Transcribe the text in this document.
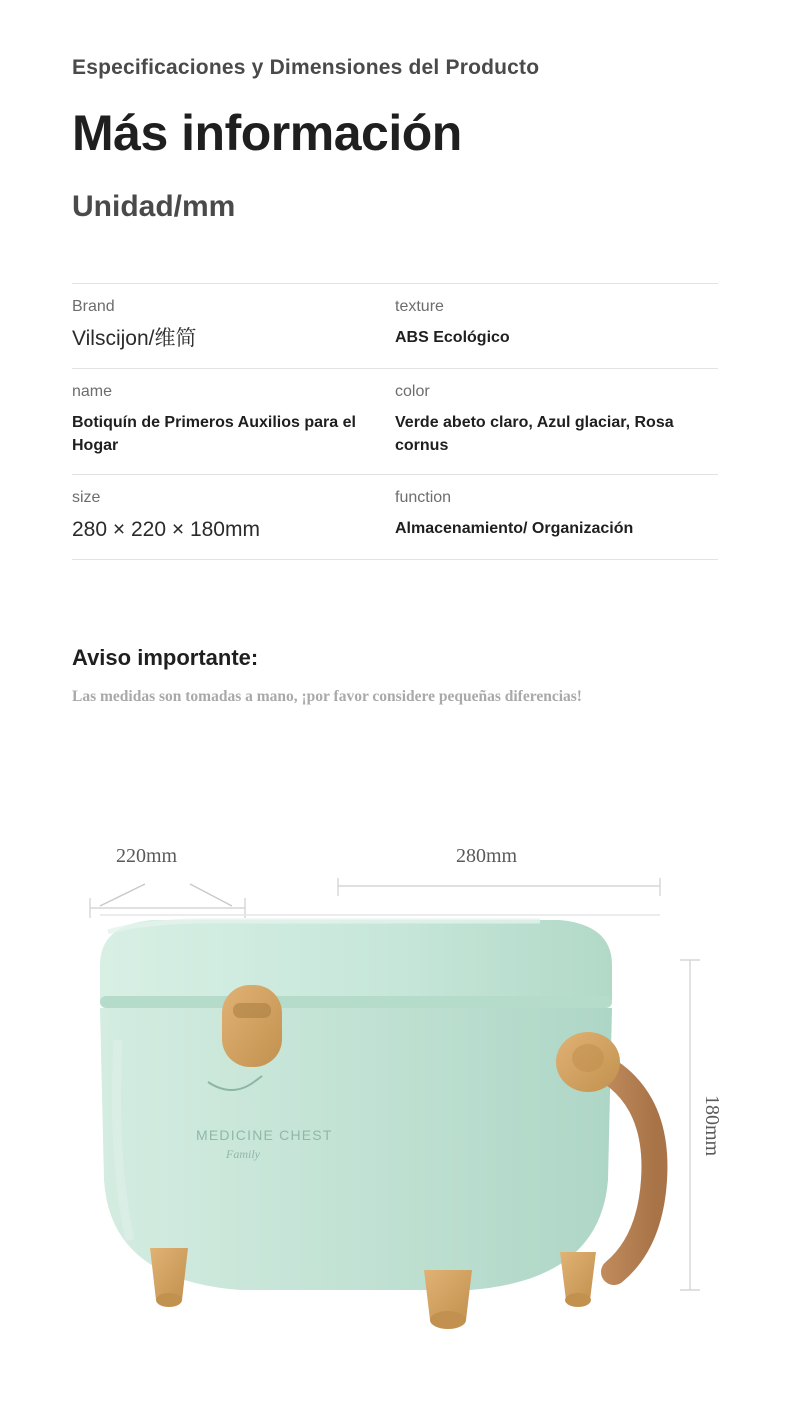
Especificaciones y Dimensiones del Producto
Más información
Unidad/mm
Brand
Vilscijon/维简
texture
ABS Ecológico
name
Botiquín de Primeros Auxilios para el Hogar
color
Verde abeto claro, Azul glaciar, Rosa cornus
size
280 × 220 × 180mm
function
Almacenamiento/ Organización
Aviso importante:
Las medidas son tomadas a mano, ¡por favor considere pequeñas diferencias!
220mm	280mm
180mm
MEDICINE CHEST
Family
